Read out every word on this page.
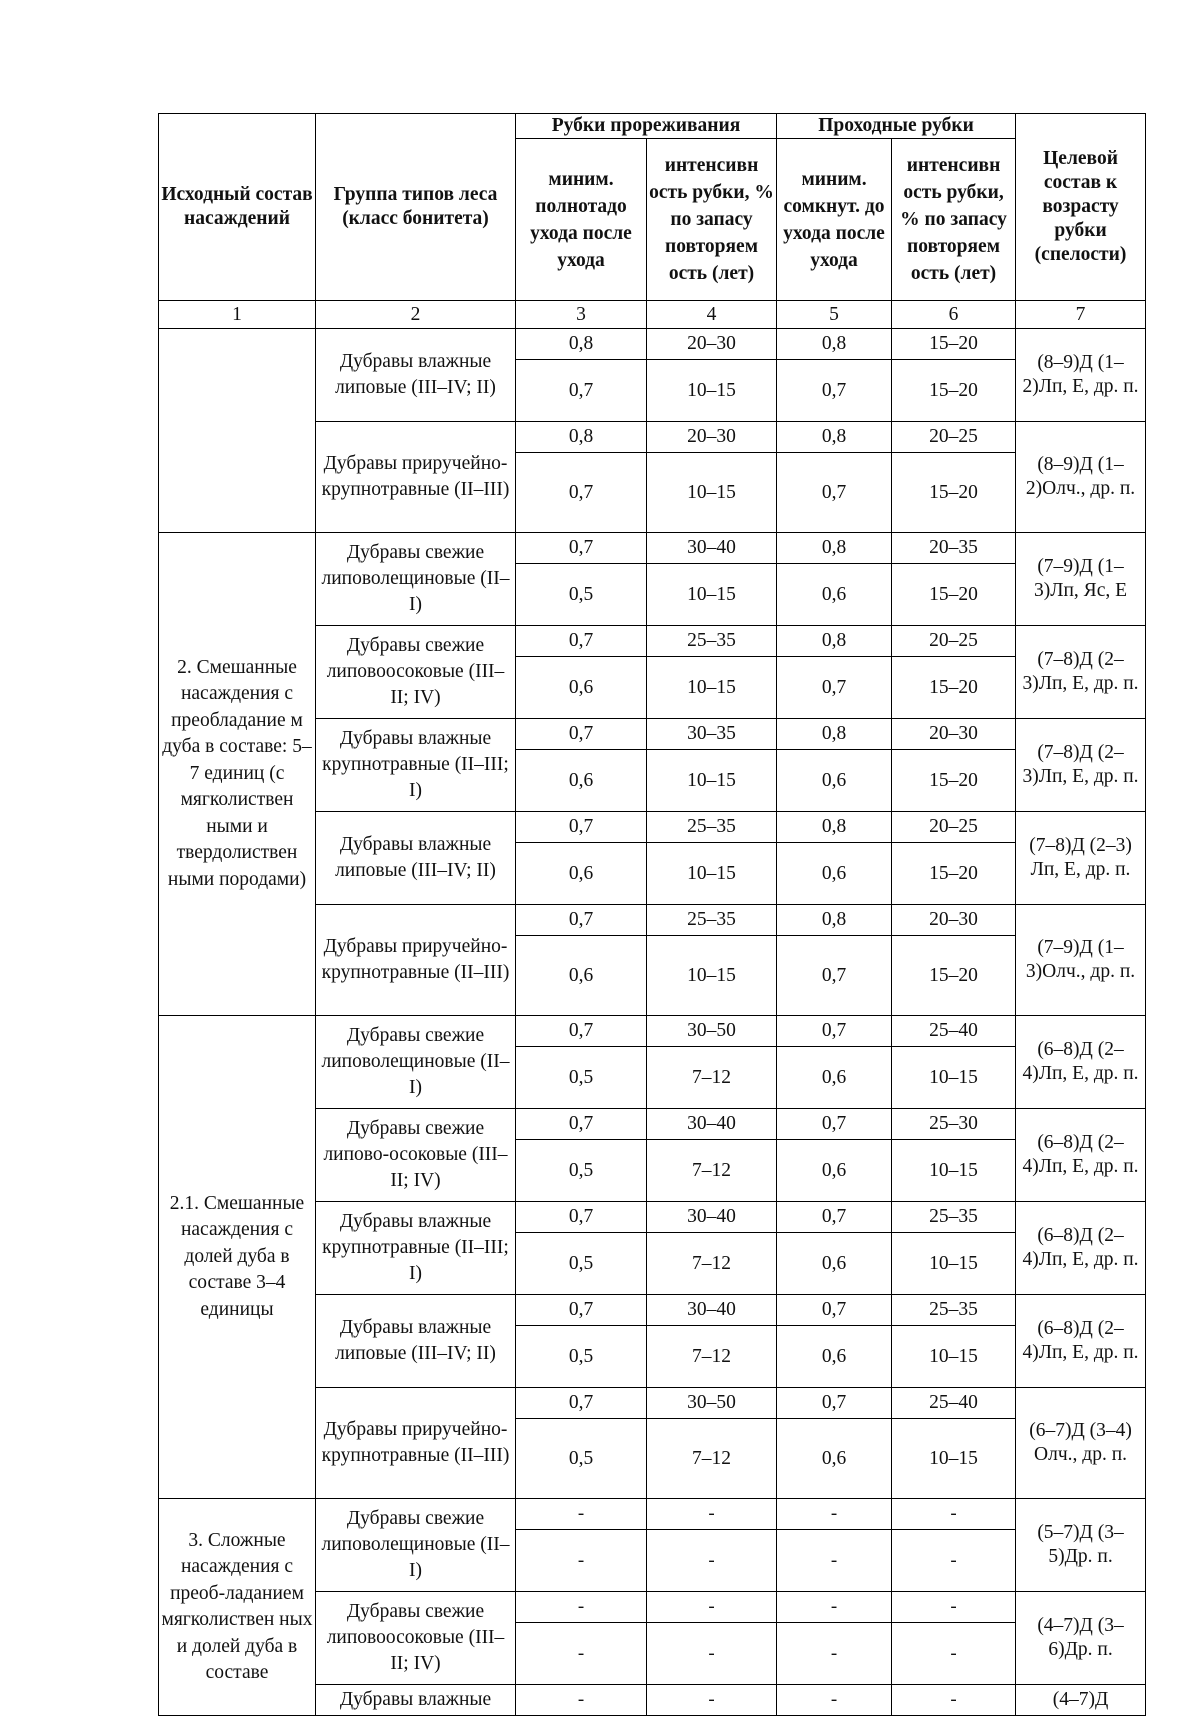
Исходный состав насаждений	Группа типов леса (класс бонитета)	Рубки прореживания		Проходные рубки		Целевой состав к возрасту рубки (спелости)
		миним. полнотадо ухода после ухода	интенсивн ость рубки, % по запасу повторяем ость (лет)	миним. сомкнут. до ухода после ухода	интенсивн ость рубки, % по запасу повторяем ость (лет)	
1	2	3	4	5	6	7
	Дубравы влажные липовые (III–IV; II)	0,8	20–30	0,8	15–20	(8–9)Д (1–2)Лп, Е, др. п.
		0,7	10–15	0,7	15–20	
	Дубравы приручейно-крупнотравные (II–III)	0,8	20–30	0,8	20–25	(8–9)Д (1–2)Олч., др. п.
		0,7	10–15	0,7	15–20	
2. Смешанные насаждения с преобладание м дуба в составе: 5–7 единиц (с мягколиствен ными и твердолиствен ными породами)	Дубравы свежие липоволещиновые (II–I)	0,7	30–40	0,8	20–35	(7–9)Д (1–3)Лп, Яс, Е
		0,5	10–15	0,6	15–20	
	Дубравы свежие липовоосоковые (III–II; IV)	0,7	25–35	0,8	20–25	(7–8)Д (2–3)Лп, Е, др. п.
		0,6	10–15	0,7	15–20	
	Дубравы влажные крупнотравные (II–III; I)	0,7	30–35	0,8	20–30	(7–8)Д (2–3)Лп, Е, др. п.
		0,6	10–15	0,6	15–20	
	Дубравы влажные липовые (III–IV; II)	0,7	25–35	0,8	20–25	(7–8)Д (2–3) Лп, Е, др. п.
		0,6	10–15	0,6	15–20	
	Дубравы приручейно-крупнотравные (II–III)	0,7	25–35	0,8	20–30	(7–9)Д (1–3)Олч., др. п.
		0,6	10–15	0,7	15–20	
2.1. Смешанные насаждения с долей дуба в составе 3–4 единицы	Дубравы свежие липоволещиновые (II–I)	0,7	30–50	0,7	25–40	(6–8)Д (2–4)Лп, Е, др. п.
		0,5	7–12	0,6	10–15	
	Дубравы свежие липово-осоковые (III–II; IV)	0,7	30–40	0,7	25–30	(6–8)Д (2–4)Лп, Е, др. п.
		0,5	7–12	0,6	10–15	
	Дубравы влажные крупнотравные (II–III; I)	0,7	30–40	0,7	25–35	(6–8)Д (2–4)Лп, Е, др. п.
		0,5	7–12	0,6	10–15	
	Дубравы влажные липовые (III–IV; II)	0,7	30–40	0,7	25–35	(6–8)Д (2–4)Лп, Е, др. п.
		0,5	7–12	0,6	10–15	
	Дубравы приручейно-крупнотравные (II–III)	0,7	30–50	0,7	25–40	(6–7)Д (3–4) Олч., др. п.
		0,5	7–12	0,6	10–15	
3. Сложные насаждения с преоб-ладанием мягколиствен ных и долей дуба в составе	Дубравы свежие липоволещиновые (II–I)	-	-	-	-	(5–7)Д (3–5)Др. п.
		-	-	-	-	
	Дубравы свежие липовоосоковые (III–II; IV)	-	-	-	-	(4–7)Д (3–6)Др. п.
		-	-	-	-	
	Дубравы влажные	-	-	-	-	(4–7)Д
